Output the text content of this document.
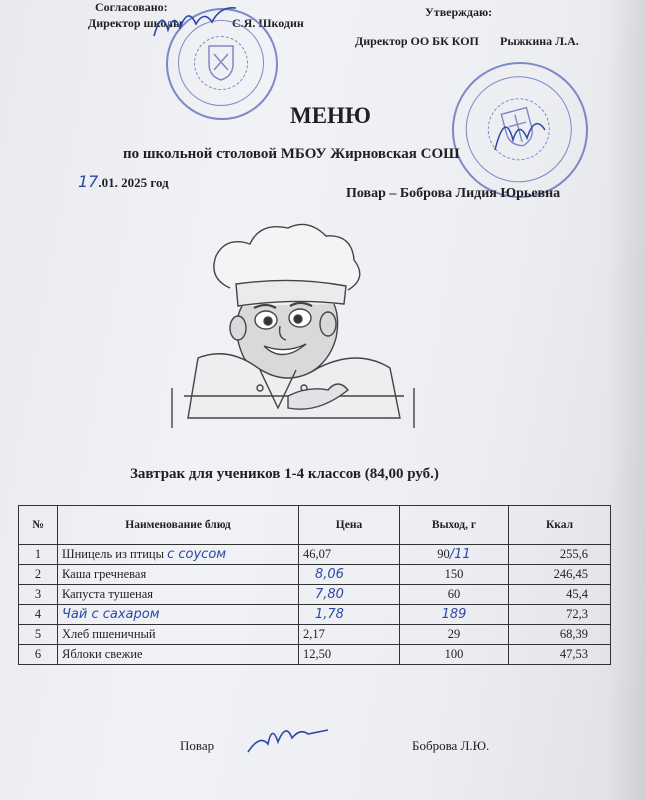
Согласовано:
Директор школы	С.Я. Шкодин
Утверждаю:
Директор ОО БК КОП Рыжкина Л.А.
МЕНЮ
по школьной столовой МБОУ Жирновская СОШ
17.01. 2025 год
Повар – Боброва Лидия Юрьевна
Завтрак для учеников 1-4 классов (84,00 руб.)
№	Наименование блюд	Цена	Выход, г	Ккал
1	Шницель из птицы с соусом	46,07	90/11	255,6
2	Каша гречневая	8,06	150	246,45
3	Капуста тушеная	7,80	60	45,4
4	Чай с сахаром	1,78	189	72,3
5	Хлеб пшеничный	2,17	29	68,39
6	Яблоки свежие	12,50	100	47,53
Повар	Боброва Л.Ю.
